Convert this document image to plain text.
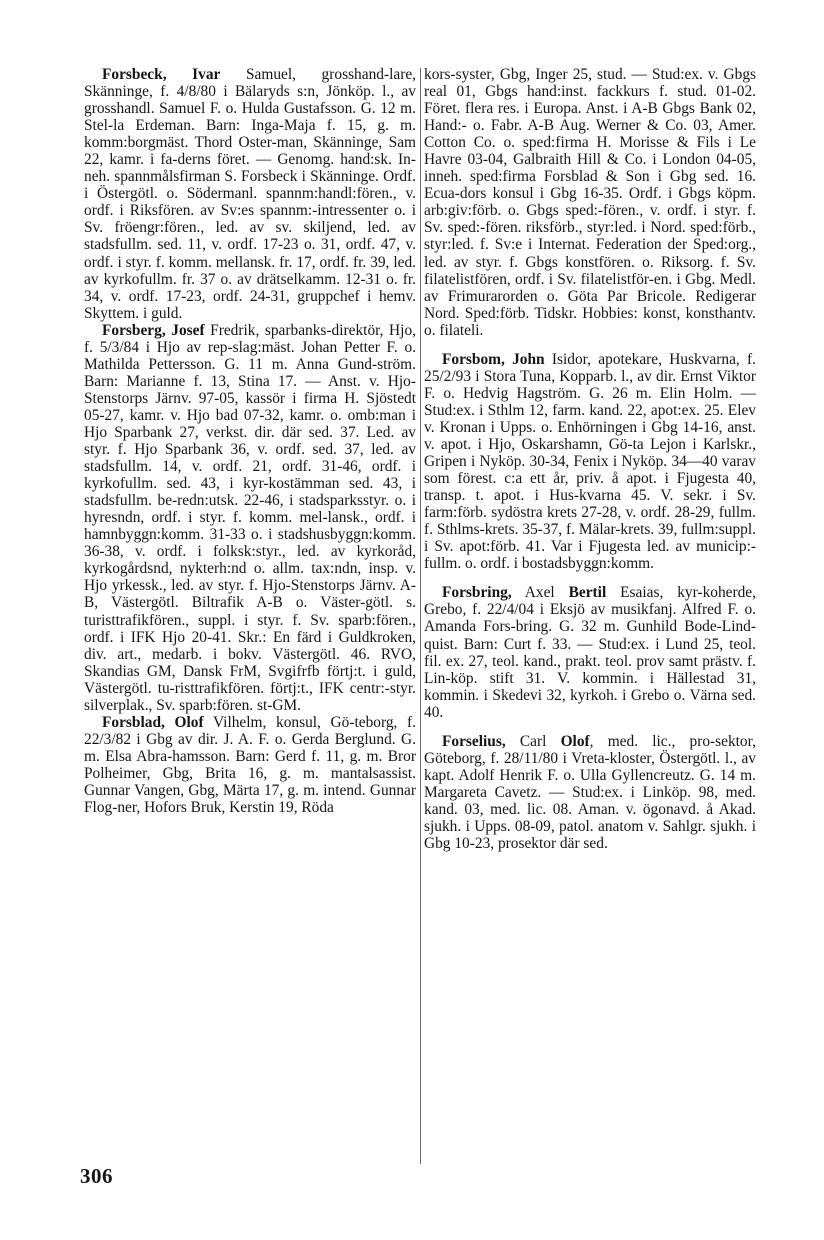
Forsbeck, Ivar Samuel, grosshand-lare, Skänninge, f. 4/8/80 i Bälaryds s:n, Jönköp. l., av grosshandl. Samuel F. o. Hulda Gustafsson. G. 12 m. Stel-la Erdeman. Barn: Inga-Maja f. 15, g. m. komm:borgmäst. Thord Oster-man, Skänninge, Sam 22, kamr. i fa-derns föret. — Genomg. hand:sk. In-neh. spannmålsfirman S. Forsbeck i Skänninge. Ordf. i Östergötl. o. Södermanl. spannm:handl:fören., v. ordf. i Riksfören. av Sv:es spannm:-intressenter o. i Sv. fröengr:fören., led. av sv. skiljend, led. av stadsfullm. sed. 11, v. ordf. 17-23 o. 31, ordf. 47, v. ordf. i styr. f. komm. mellansk. fr. 17, ordf. fr. 39, led. av kyrkofullm. fr. 37 o. av drätselkamm. 12-31 o. fr. 34, v. ordf. 17-23, ordf. 24-31, gruppchef i hemv. Skyttem. i guld.

Forsberg, Josef Fredrik, sparbanks-direktör, Hjo, f. 5/3/84 i Hjo av rep-slag:mäst. Johan Petter F. o. Mathilda Pettersson. G. 11 m. Anna Gund-ström. Barn: Marianne f. 13, Stina 17. — Anst. v. Hjo-Stenstorps Järnv. 97-05, kassör i firma H. Sjöstedt 05-27, kamr. v. Hjo bad 07-32, kamr. o. omb:man i Hjo Sparbank 27, verkst. dir. där sed. 37. Led. av styr. f. Hjo Sparbank 36, v. ordf. sed. 37, led. av stadsfullm. 14, v. ordf. 21, ordf. 31-46, ordf. i kyrkofullm. sed. 43, i kyr-kostämman sed. 43, i stadsfullm. be-redn:utsk. 22-46, i stadsparksstyr. o. i hyresndn, ordf. i styr. f. komm. mel-lansk., ordf. i hamnbyggn:komm. 31-33 o. i stadshusbyggn:komm. 36-38, v. ordf. i folksk:styr., led. av kyrkoråd, kyrkogårdsnd, nykterh:nd o. allm. tax:ndn, insp. v. Hjo yrkessk., led. av styr. f. Hjo-Stenstorps Järnv. A-B, Västergötl. Biltrafik A-B o. Väster-götl. s. turisttrafikfören., suppl. i styr. f. Sv. sparb:fören., ordf. i IFK Hjo 20-41. Skr.: En färd i Guldkroken, div. art., medarb. i bokv. Västergötl. 46. RVO, Skandias GM, Dansk FrM, Svgifrfb förtj:t. i guld, Västergötl. tu-risttrafikfören. förtj:t., IFK centr:-styr. silverplak., Sv. sparb:fören. st-GM.

Forsblad, Olof Vilhelm, konsul, Gö-teborg, f. 22/3/82 i Gbg av dir. J. A. F. o. Gerda Berglund. G. m. Elsa Abra-hamsson. Barn: Gerd f. 11, g. m. Bror Polheimer, Gbg, Brita 16, g. m. mantalsassist. Gunnar Vangen, Gbg, Märta 17, g. m. intend. Gunnar Flog-ner, Hofors Bruk, Kerstin 19, Röda

kors-syster, Gbg, Inger 25, stud. — Stud:ex. v. Gbgs real 01, Gbgs hand:inst. fackkurs f. stud. 01-02. Föret. flera res. i Europa. Anst. i A-B Gbgs Bank 02, Hand:- o. Fabr. A-B Aug. Werner & Co. 03, Amer. Cotton Co. o. sped:firma H. Morisse & Fils i Le Havre 03-04, Galbraith Hill & Co. i London 04-05, inneh. sped:firma Forsblad & Son i Gbg sed. 16. Ecua-dors konsul i Gbg 16-35. Ordf. i Gbgs köpm. arb:giv:förb. o. Gbgs sped:-fören., v. ordf. i styr. f. Sv. sped:-fören. riksförb., styr:led. i Nord. sped:förb., styr:led. f. Sv:e i Internat. Federation der Sped:org., led. av styr. f. Gbgs konstfören. o. Riksorg. f. Sv. filatelistfören, ordf. i Sv. filatelistför-en. i Gbg. Medl. av Frimurarorden o. Göta Par Bricole. Redigerar Nord. Sped:förb. Tidskr. Hobbies: konst, konsthantv. o. filateli.

Forsbom, John Isidor, apotekare, Huskvarna, f. 25/2/93 i Stora Tuna, Kopparb. l., av dir. Ernst Viktor F. o. Hedvig Hagström. G. 26 m. Elin Holm. — Stud:ex. i Sthlm 12, farm. kand. 22, apot:ex. 25. Elev v. Kronan i Upps. o. Enhörningen i Gbg 14-16, anst. v. apot. i Hjo, Oskarshamn, Gö-ta Lejon i Karlskr., Gripen i Nyköp. 30-34, Fenix i Nyköp. 34—40 varav som förest. c:a ett år, priv. å apot. i Fjugesta 40, transp. t. apot. i Hus-kvarna 45. V. sekr. i Sv. farm:förb. sydöstra krets 27-28, v. ordf. 28-29, fullm. f. Sthlms-krets. 35-37, f. Mälar-krets. 39, fullm:suppl. i Sv. apot:förb. 41. Var i Fjugesta led. av municip:-fullm. o. ordf. i bostadsbyggn:komm.

Forsbring, Axel Bertil Esaias, kyr-koherde, Grebo, f. 22/4/04 i Eksjö av musikfanj. Alfred F. o. Amanda Fors-bring. G. 32 m. Gunhild Bode-Lind-quist. Barn: Curt f. 33. — Stud:ex. i Lund 25, teol. fil. ex. 27, teol. kand., prakt. teol. prov samt prästv. f. Lin-köp. stift 31. V. kommin. i Hällestad 31, kommin. i Skedevi 32, kyrkoh. i Grebo o. Värna sed. 40.

Forselius, Carl Olof, med. lic., pro-sektor, Göteborg, f. 28/11/80 i Vreta-kloster, Östergötl. l., av kapt. Adolf Henrik F. o. Ulla Gyllencreutz. G. 14 m. Margareta Cavetz. — Stud:ex. i Linköp. 98, med. kand. 03, med. lic. 08. Aman. v. ögonavd. å Akad. sjukh. i Upps. 08-09, patol. anatom v. Sahlgr. sjukh. i Gbg 10-23, prosektor där sed.

306
